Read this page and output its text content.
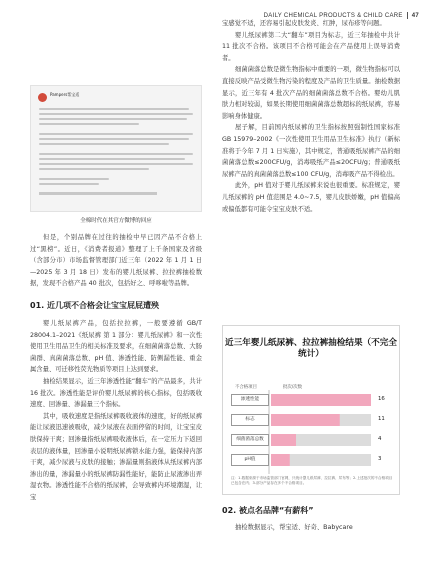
DAILY CHEMICAL PRODUCTS & CHILD CARE 47
Pampers帮宝适
全棉时代在其官方微博的回应

但是，个别品牌在过往的抽检中早已因产品不合格上过“黑榜”。近日，《消费者报道》整理了上千条国家及省级（含部分市）市场监督管理部门近三年（2022 年 1 月 1 日—2025 年 3 月 18 日）发布的婴儿纸尿裤、拉拉裤抽检数据，发现不合格产品 40 批次，包括好之、呼哆啦等品牌。

01. 近几项不合格会让宝宝屁屁遭殃

婴儿纸尿裤产品，包括拉拉裤，一般要遵循 GB/T 28004.1–2021《纸尿裤 第 1 部分：婴儿纸尿裤》和一次性使用卫生用品卫生的相关标准及要求，在细菌菌落总数、大肠菌群、真菌菌落总数、pH 值、渗透性能、防侧漏性能、重金属含量、可迁移性荧光物质等项目上达到要求。

抽检结果显示，近三年渗透性能“翻车”的产品最多，共计 16 批次。渗透性能是评价婴儿纸尿裤的核心指标，包括吸收速度、回渗量、渗漏量三个指标。

其中，吸收速度是指纸尿裤吸收液体的速度，好的纸尿裤能让尿液迅速被吸收，减少尿液在表面停留的时间，让宝宝皮肤保持干爽；回渗量指纸尿裤吸收液体后，在一定压力下返回表层的液体量，回渗量小说明纸尿裤锁水能力强，能保持内部干爽，减少尿液与皮肤的接触；渗漏量则指液体从纸尿裤内部渗出的量，渗漏量小的纸尿裤防漏性能好，能防止尿液渗出弄湿衣物。渗透性能不合格的纸尿裤，会导致裤内环境潮湿，让宝

宝感觉不适，还容易引起皮肤发炎、红肿，尿布疹等问题。

婴儿纸尿裤第二大“翻车”项目为标志，近三年抽检中共计 11 批次不合格。该项目不合格可能会在产品使用上误导消费者。

细菌菌落总数是微生物指标中重要的一项，微生物指标可以直接反映产品受微生物污染的程度及产品的卫生质量。抽检数据显示，近三年有 4 批次产品的细菌菌落总数不合格。婴幼儿肌肤力相对较弱，如果长期使用细菌菌落总数超标的纸尿裤，容易影响身体健康。

屋子解，目前国内纸尿裤的卫生指标按照强制性国家标准 GB 15979–2002《一次性使用卫生用品卫生标准》执行（新标准将于今年 7 月 1 日实施），其中规定，普通吸纸尿裤产品的细菌菌落总数≤200CFU/g，消毒吸纸产品≤20CFU/g；普通吸纸尿裤产品的真菌菌落总数≤100 CFU/g，消毒吸产品不得检出。

此外，pH 值对于婴儿纸尿裤来说也很重要。标准规定，婴儿纸尿裤的 pH 值范围是 4.0~7.5，婴儿皮肤娇嫩，pH 值偏高或偏低都有可能令宝宝皮肤不适。

近三年婴儿纸尿裤、拉拉裤抽检结果（不完全统计）
不合格项目	批次/次数
渗透性能	16
标志	11
细菌菌落总数	4
pH值	3
注：1.数据来源于市场监管部门官网，只统计婴儿纸尿裤、拉拉裤、尿布等；2.上述批次的不合格项目已包含在内；3.部分产品存在多个不合格项目。
02. 被点名品牌“有薪科”

抽检数据显示，帮宝适、好奇、Babycare
